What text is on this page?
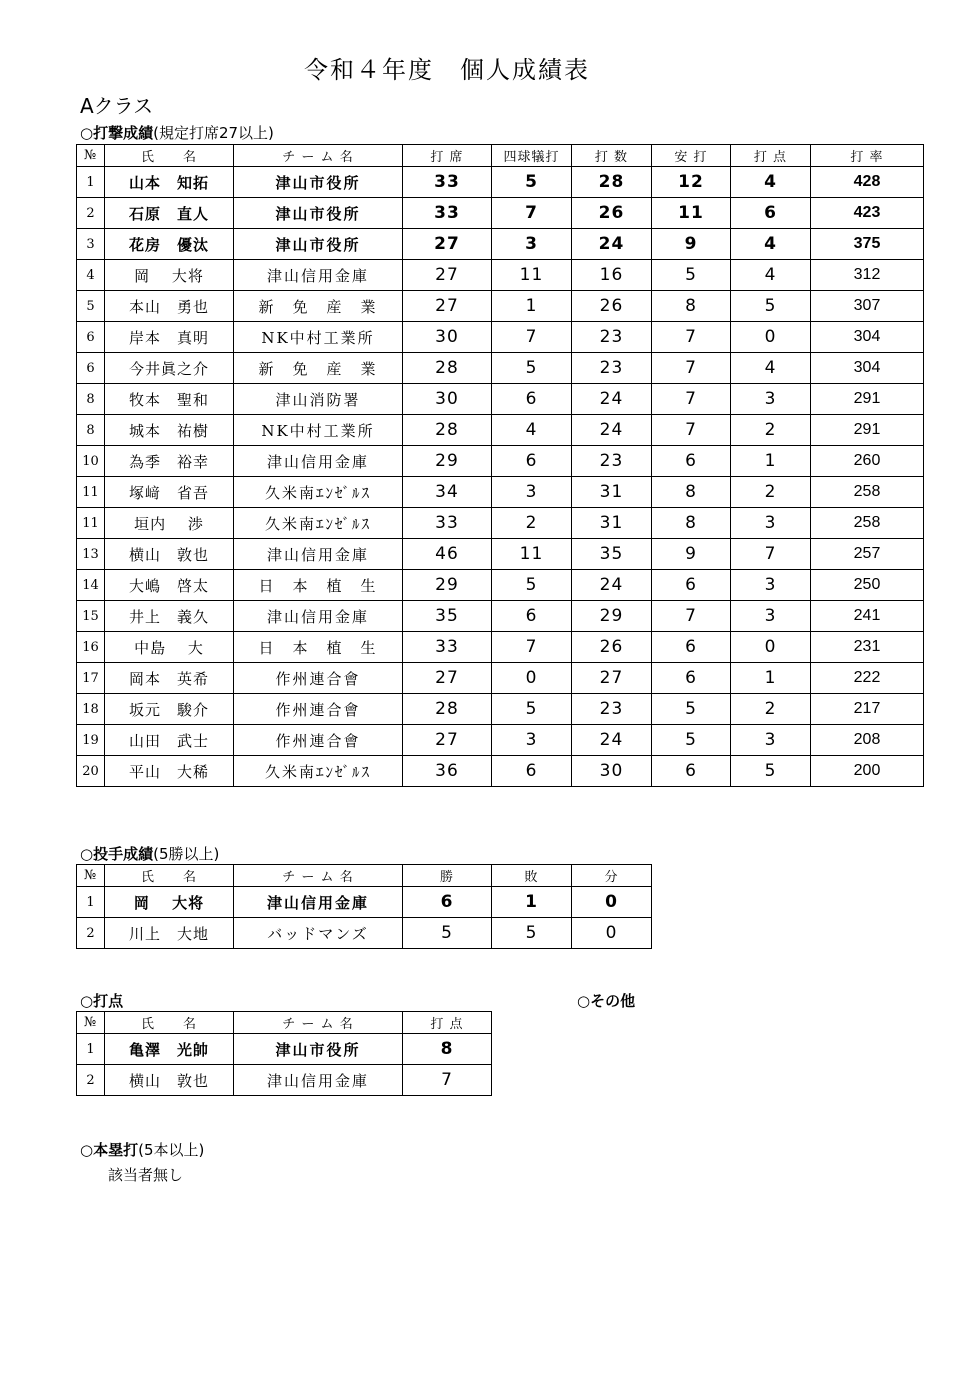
令和４年度　個人成績表
Aクラス
○打撃成績(規定打席27以上)
№	氏　　名	チ ー ム 名	打 席	四球犠打	打 数	安 打	打 点	打 率
1	山本　知拓	津山市役所	33	5	28	12	4	428
2	石原　直人	津山市役所	33	7	26	11	6	423
3	花房　優汰	津山市役所	27	3	24	9	4	375
4	岡　 大将	津山信用金庫	27	11	16	5	4	312
5	本山　勇也	新　免　産　業	27	1	26	8	5	307
6	岸本　真明	NK中村工業所	30	7	23	7	0	304
6	今井眞之介	新　免　産　業	28	5	23	7	4	304
8	牧本　聖和	津山消防署	30	6	24	7	3	291
8	城本　祐樹	NK中村工業所	28	4	24	7	2	291
10	為季　裕幸	津山信用金庫	29	6	23	6	1	260
11	塚﨑　省吾	久米南ｴﾝｾﾞﾙｽ	34	3	31	8	2	258
11	垣内　 渉	久米南ｴﾝｾﾞﾙｽ	33	2	31	8	3	258
13	横山　敦也	津山信用金庫	46	11	35	9	7	257
14	大嶋　啓太	日　本　植　生	29	5	24	6	3	250
15	井上　義久	津山信用金庫	35	6	29	7	3	241
16	中島　 大	日　本　植　生	33	7	26	6	0	231
17	岡本　英希	作州連合會	27	0	27	6	1	222
18	坂元　駿介	作州連合會	28	5	23	5	2	217
19	山田　武士	作州連合會	27	3	24	5	3	208
20	平山　大稀	久米南ｴﾝｾﾞﾙｽ	36	6	30	6	5	200
○投手成績(5勝以上)
№	氏　　名	チ ー ム 名	勝	敗	分
1	岡　 大将	津山信用金庫	6	1	0
2	川上　大地	バッドマンズ	5	5	0
○打点	○その他
№	氏　　名	チ ー ム 名	打 点
1	亀澤　光帥	津山市役所	8
2	横山　敦也	津山信用金庫	7
○本塁打(5本以上)
該当者無し
